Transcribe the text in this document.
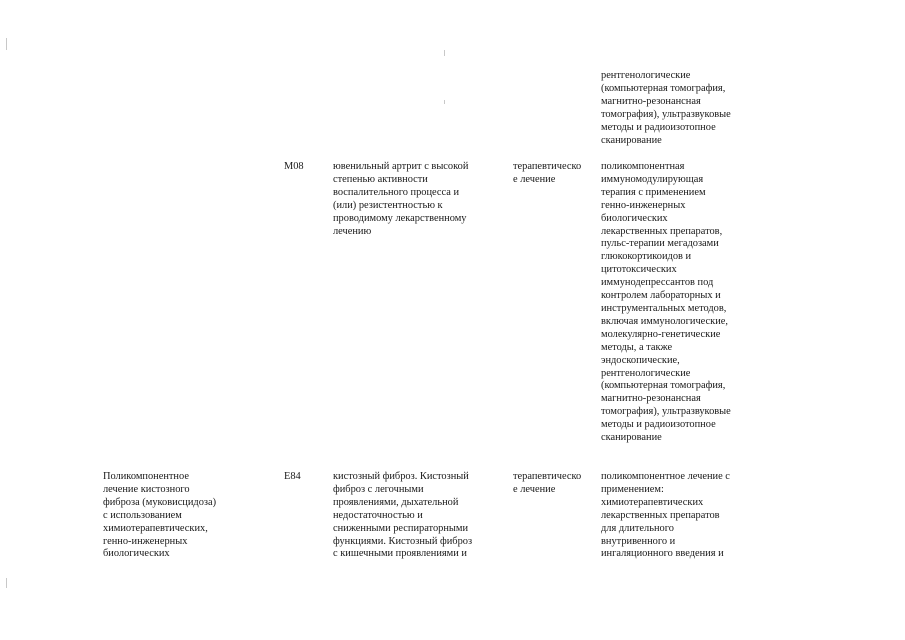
рентгенологические
(компьютерная томография,
магнитно-резонансная
томография), ультразвуковые
методы и радиоизотопное
сканирование
M08	ювенильный артрит с высокой
степенью активности
воспалительного процесса и
(или) резистентностью к
проводимому лекарственному
лечению
терапевтическо
е лечение
поликомпонентная
иммуномодулирующая
терапия с применением
генно-инженерных
биологических
лекарственных препаратов,
пульс-терапии мегадозами
глюкокортикоидов и
цитотоксических
иммунодепрессантов под
контролем лабораторных и
инструментальных методов,
включая иммунологические,
молекулярно-генетические
методы, а также
эндоскопические,
рентгенологические
(компьютерная томография,
магнитно-резонансная
томография), ультразвуковые
методы и радиоизотопное
сканирование
Поликомпонентное
лечение кистозного
фиброза (муковисцидоза)
с использованием
химиотерапевтических,
генно-инженерных
биологических
E84	кистозный фиброз. Кистозный
фиброз с легочными
проявлениями, дыхательной
недостаточностью и
сниженными респираторными
функциями. Кистозный фиброз
с кишечными проявлениями и
терапевтическо
е лечение
поликомпонентное лечение с
применением:
химиотерапевтических
лекарственных препаратов
для длительного
внутривенного и
ингаляционного введения и
